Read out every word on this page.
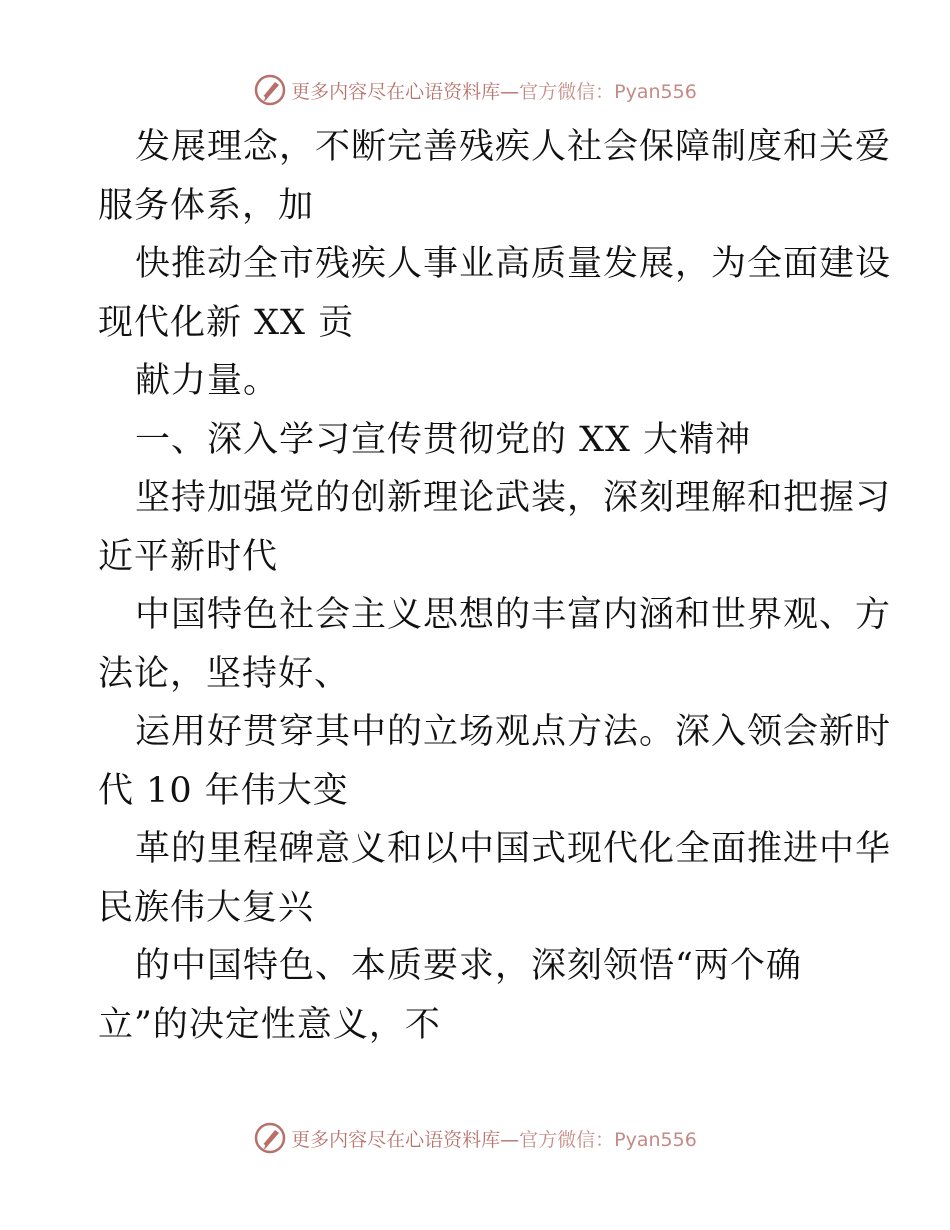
更多内容尽在心语资料库— 官方微信：Pyan556
发展理念，不断完善残疾人社会保障制度和关爱
服务体系，加
快推动全市残疾人事业高质量发展，为全面建设
现代化新 XX 贡
献力量。
一、深入学习宣传贯彻党的 XX 大精神
坚持加强党的创新理论武装，深刻理解和把握习
近平新时代
中国特色社会主义思想的丰富内涵和世界观、方
法论，坚持好、
运用好贯穿其中的立场观点方法。深入领会新时
代 10 年伟大变
革的里程碑意义和以中国式现代化全面推进中华
民族伟大复兴
的中国特色、本质要求，深刻领悟“两个确
立”的决定性意义，不
更多内容尽在心语资料库— 官方微信：Pyan556
